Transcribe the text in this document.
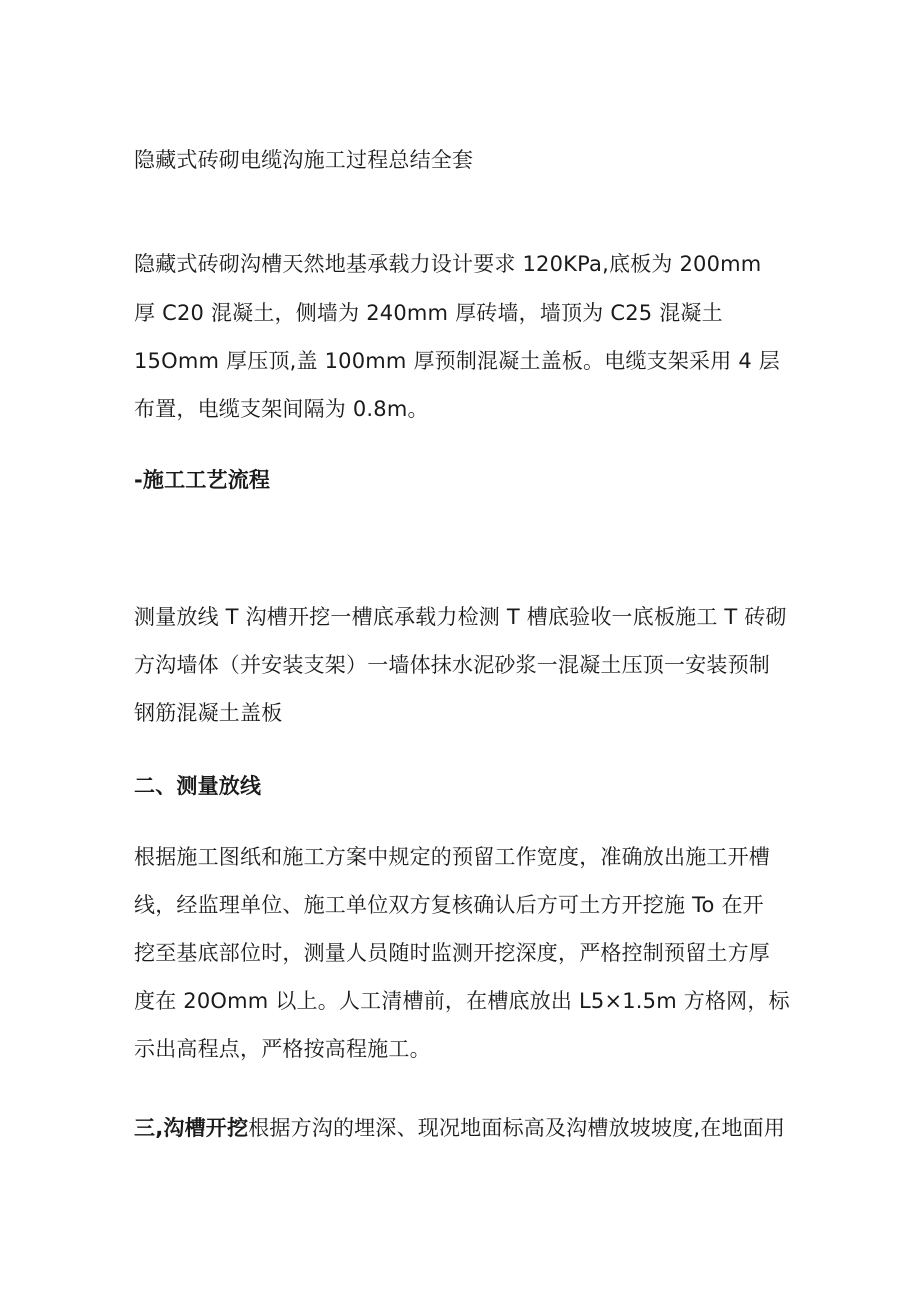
隐藏式砖砌电缆沟施工过程总结全套
隐藏式砖砌沟槽天然地基承载力设计要求 120KPa,底板为 200mm
厚 C20 混凝土，侧墙为 240mm 厚砖墙，墙顶为 C25 混凝土
15Omm 厚压顶,盖 100mm 厚预制混凝土盖板。电缆支架采用 4 层
布置，电缆支架间隔为 0.8m。
-施工工艺流程
测量放线 T 沟槽开挖一槽底承载力检测 T 槽底验收一底板施工 T 砖砌
方沟墙体（并安装支架）一墙体抹水泥砂浆一混凝土压顶一安装预制
钢筋混凝土盖板
二、测量放线
根据施工图纸和施工方案中规定的预留工作宽度，准确放出施工开槽
线，经监理单位、施工单位双方复核确认后方可土方开挖施 To 在开
挖至基底部位时，测量人员随时监测开挖深度，严格控制预留土方厚
度在 20Omm 以上。人工清槽前，在槽底放出 L5×1.5m 方格网，标
示出高程点，严格按高程施工。
三,沟槽开挖根据方沟的埋深、现况地面标高及沟槽放坡坡度,在地面用
